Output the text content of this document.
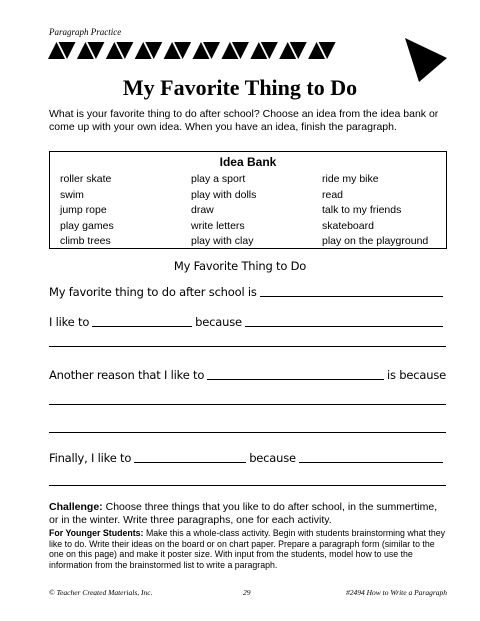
Paragraph Practice
My Favorite Thing to Do
What is your favorite thing to do after school? Choose an idea from the idea bank or come up with your own idea. When you have an idea, finish the paragraph.
Idea Bank
roller skate	play a sport	ride my bike
swim	play with dolls	read
jump rope	draw	talk to my friends
play games	write letters	skateboard
climb trees	play with clay	play on the playground
My Favorite Thing to Do
My favorite thing to do after school is
I like to	because
Another reason that I like to	is because
Finally, I like to	because
Challenge: Choose three things that you like to do after school, in the summertime, or in the winter. Write three paragraphs, one for each activity.
For Younger Students: Make this a whole-class activity. Begin with students brainstorming what they like to do. Write their ideas on the board or on chart paper. Prepare a paragraph form (similar to the one on this page) and make it poster size. With input from the students, model how to use the information from the brainstormed list to write a paragraph.
© Teacher Created Materials, Inc.	29	#2494 How to Write a Paragraph
